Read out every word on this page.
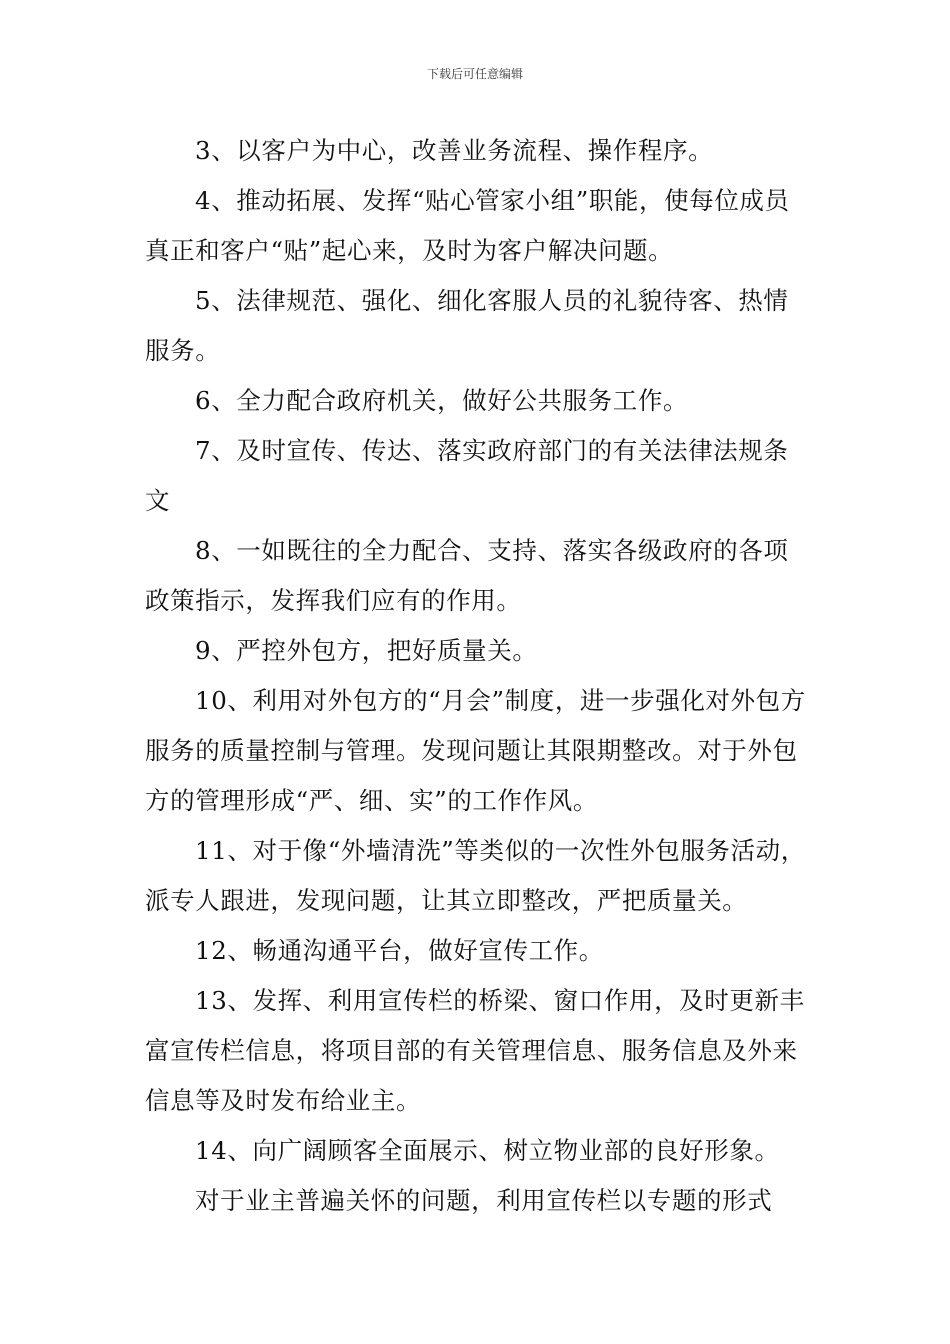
下载后可任意编辑

3、以客户为中心，改善业务流程、操作程序。

4、推动拓展、发挥“贴心管家小组”职能，使每位成员真正和客户“贴”起心来，及时为客户解决问题。

5、法律规范、强化、细化客服人员的礼貌待客、热情服务。

6、全力配合政府机关，做好公共服务工作。

7、及时宣传、传达、落实政府部门的有关法律法规条文

8、一如既往的全力配合、支持、落实各级政府的各项政策指示，发挥我们应有的作用。

9、严控外包方，把好质量关。

10、利用对外包方的“月会”制度，进一步强化对外包方服务的质量控制与管理。发现问题让其限期整改。对于外包方的管理形成“严、细、实”的工作作风。

11、对于像“外墙清洗”等类似的一次性外包服务活动，派专人跟进，发现问题，让其立即整改，严把质量关。

12、畅通沟通平台，做好宣传工作。

13、发挥、利用宣传栏的桥梁、窗口作用，及时更新丰富宣传栏信息，将项目部的有关管理信息、服务信息及外来信息等及时发布给业主。

14、向广阔顾客全面展示、树立物业部的良好形象。

对于业主普遍关怀的问题，利用宣传栏以专题的形式
